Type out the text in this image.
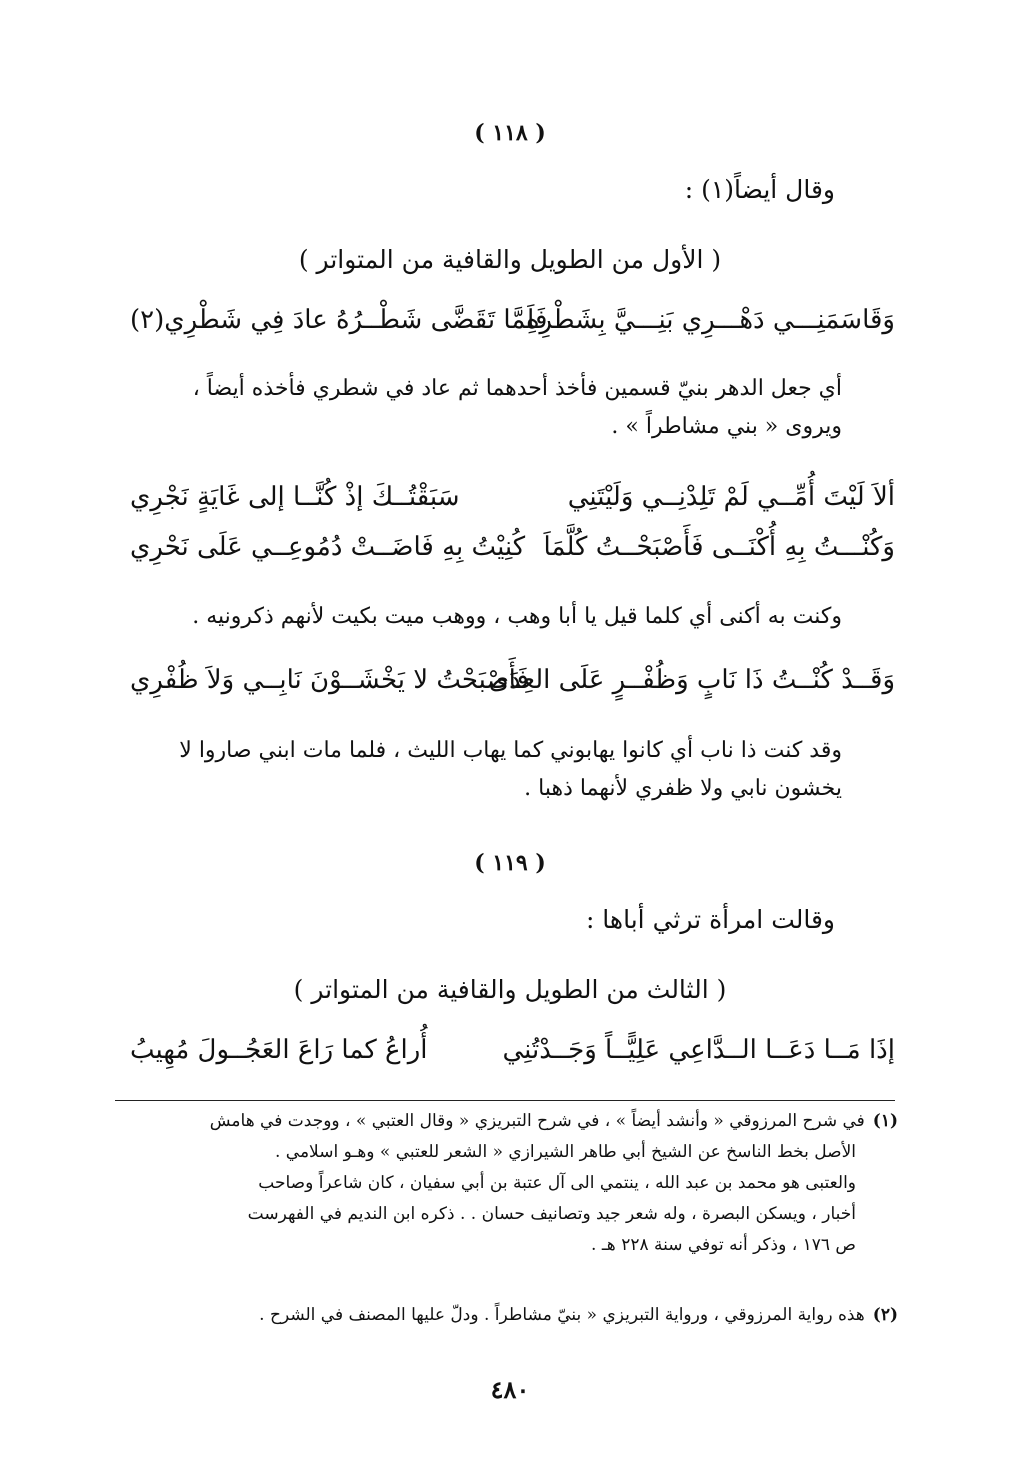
( ١١٨ )
وقال أيضاً(١) :
( الأول من الطويل والقافية من المتواتر )
وَقَاسَمَنِـــي دَهْـــرِي بَنِـــيَّ بِشَطْرِهِ
فَلَمَّا تَقَضَّى شَطْــرُهُ عادَ فِي شَطْرِي(٢)

أي جعل الدهر بنيّ قسمين فأخذ أحدهما ثم عاد في شطري فأخذه أيضاً ،

ويروى « بني مشاطراً » .

ألاَ لَيْتَ أُمِّــي لَمْ تَلِدْنِــي وَلَيْتَنِي
سَبَقْتُــكَ إذْ كُنَّــا إلى غَايَةٍ نَجْرِي
وَكُنْـــتُ بِهِ أُكْنَــى فَأَصْبَحْــتُ كُلَّمَاَ
كُنِيْتُ بِهِ فَاضَــتْ دُمُوعِــي عَلَى نَحْرِي

وكنت به أكنى أي كلما قيل يا أبا وهب ، ووهب ميت بكيت لأنهم ذكرونيه .

وَقَــدْ كُنْــتُ ذَا نَابٍ وَظُفْــرٍ عَلَى العِدَى
فَأَصْبَحْتُ لا يَخْشَــوْنَ نَابِــي وَلاَ ظُفْرِي

وقد كنت ذا ناب أي كانوا يهابوني كما يهاب الليث ، فلما مات ابني صاروا لا

يخشون نابي ولا ظفري لأنهما ذهبا .

( ١١٩ )
وقالت امرأة ترثي أباها :
( الثالث من الطويل والقافية من المتواتر )
إذَا مَــا دَعَــا الــدَّاعِي عَلِيًّــاً وَجَــدْتُنِي
أُراعُ كما رَاعَ العَجُــولَ مُهِيبُ
(١)في شرح المرزوقي « وأنشد أيضاً » ، في شرح التبريزي « وقال العتبي » ، ووجدت في هامش
الأصل بخط الناسخ عن الشيخ أبي طاهر الشيرازي « الشعر للعتبي » وهـو اسلامي .
والعتبى هو محمد بن عبد الله ، ينتمي الى آل عتبة بن أبي سفيان ، كان شاعراً وصاحب
أخبار ، ويسكن البصرة ، وله شعر جيد وتصانيف حسان . . ذكره ابن النديم في الفهرست
ص ١٧٦ ، وذكر أنه توفي سنة ٢٢٨ هـ .
(٢)هذه رواية المرزوقي ، ورواية التبريزي « بنيّ مشاطراً . ودلّ عليها المصنف في الشرح .
٤٨٠
